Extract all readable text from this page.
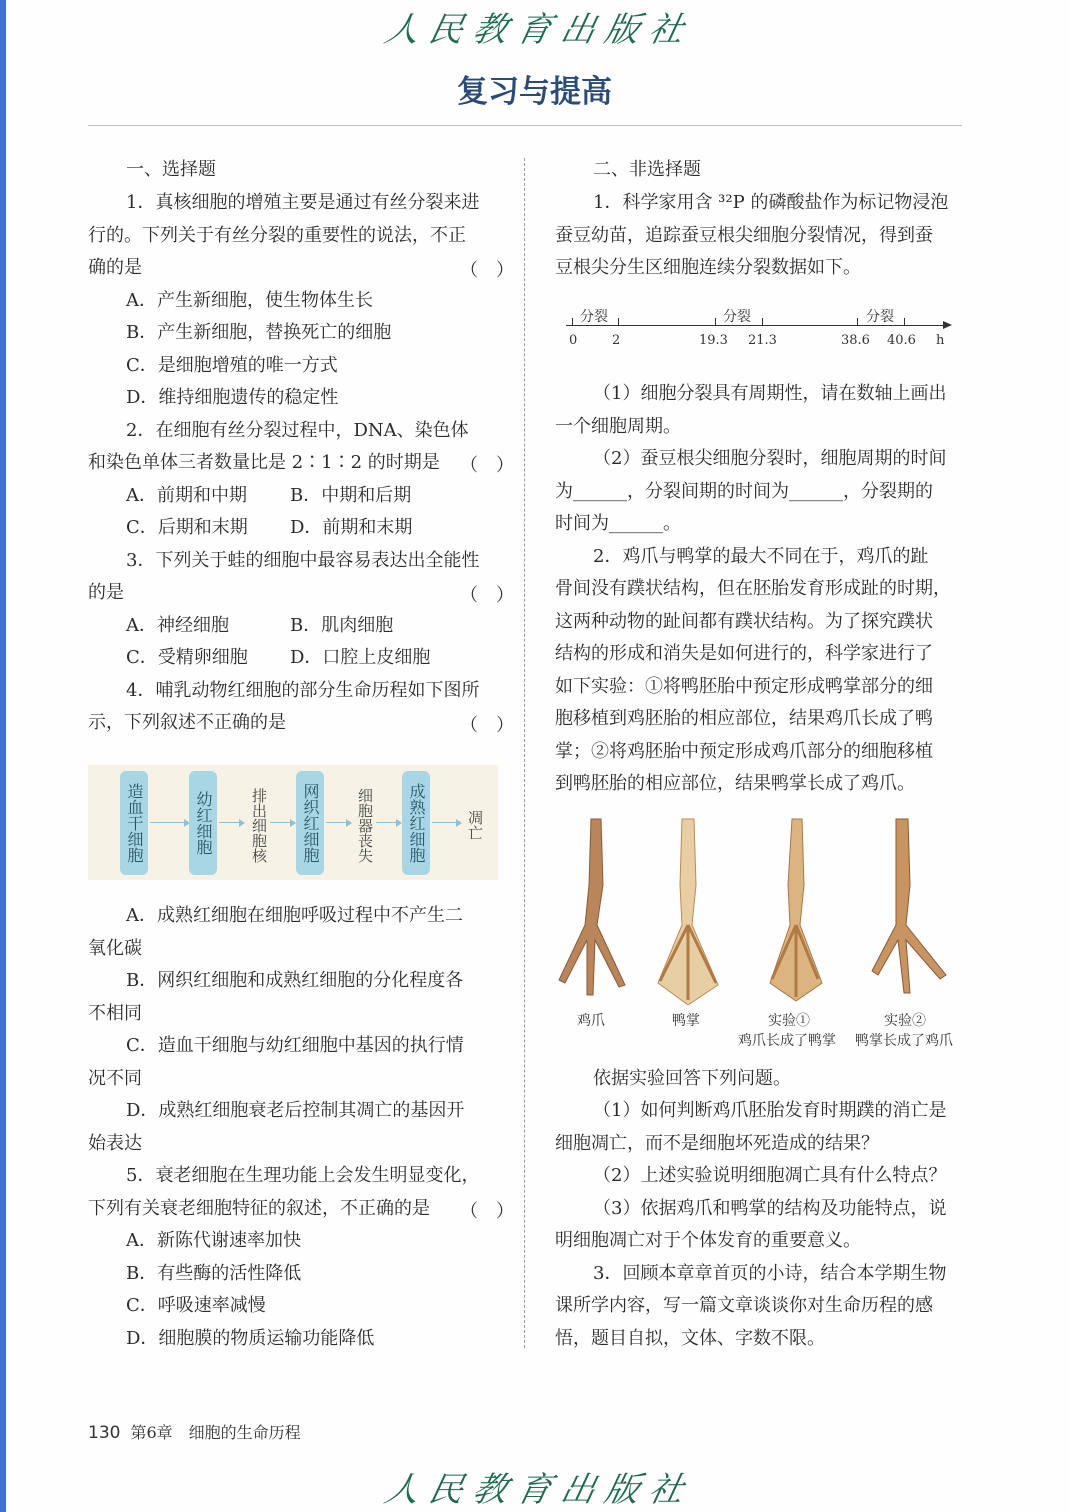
人民教育出版社
复习与提高
一、选择题
1．真核细胞的增殖主要是通过有丝分裂来进
行的。下列关于有丝分裂的重要性的说法，不正
确的是	（　）
A．产生新细胞，使生物体生长
B．产生新细胞，替换死亡的细胞
C．是细胞增殖的唯一方式
D．维持细胞遗传的稳定性
2．在细胞有丝分裂过程中，DNA、染色体
和染色单体三者数量比是 2∶1∶2 的时期是 （　）
A．前期和中期 B．中期和后期
C．后期和末期 D．前期和末期
3．下列关于蛙的细胞中最容易表达出全能性
的是	（　）
A．神经细胞	B．肌肉细胞
C．受精卵细胞 D．口腔上皮细胞
4．哺乳动物红细胞的部分生命历程如下图所
示，下列叙述不正确的是	（　）
造血干细胞	幼红细胞 排出细胞核	网织红细胞 细胞器丧失	成熟红细胞	凋亡
A．成熟红细胞在细胞呼吸过程中不产生二
氧化碳
B．网织红细胞和成熟红细胞的分化程度各
不相同
C．造血干细胞与幼红细胞中基因的执行情
况不同
D．成熟红细胞衰老后控制其凋亡的基因开
始表达
5．衰老细胞在生理功能上会发生明显变化，
下列有关衰老细胞特征的叙述，不正确的是 （　）
A．新陈代谢速率加快
B．有些酶的活性降低
C．呼吸速率减慢
D．细胞膜的物质运输功能降低
二、非选择题
1．科学家用含 ³²P 的磷酸盐作为标记物浸泡
蚕豆幼苗，追踪蚕豆根尖细胞分裂情况，得到蚕
豆根尖分生区细胞连续分裂数据如下。
分裂	分裂	分裂
0	2	19.3 21.3	38.6 40.6 h
（1）细胞分裂具有周期性，请在数轴上画出
一个细胞周期。
（2）蚕豆根尖细胞分裂时，细胞周期的时间
为______，分裂间期的时间为______，分裂期的
时间为______。
2．鸡爪与鸭掌的最大不同在于，鸡爪的趾
骨间没有蹼状结构，但在胚胎发育形成趾的时期，
这两种动物的趾间都有蹼状结构。为了探究蹼状
结构的形成和消失是如何进行的，科学家进行了
如下实验：①将鸭胚胎中预定形成鸭掌部分的细
胞移植到鸡胚胎的相应部位，结果鸡爪长成了鸭
掌；②将鸡胚胎中预定形成鸡爪部分的细胞移植
到鸭胚胎的相应部位，结果鸭掌长成了鸡爪。
鸡爪	鸭掌	实验①	实验②
鸡爪长成了鸭掌 鸭掌长成了鸡爪
依据实验回答下列问题。
（1）如何判断鸡爪胚胎发育时期蹼的消亡是
细胞凋亡，而不是细胞坏死造成的结果？
（2）上述实验说明细胞凋亡具有什么特点？
（3）依据鸡爪和鸭掌的结构及功能特点，说
明细胞凋亡对于个体发育的重要意义。
3．回顾本章章首页的小诗，结合本学期生物
课所学内容，写一篇文章谈谈你对生命历程的感
悟，题目自拟，文体、字数不限。
130 第6章　细胞的生命历程
人民教育出版社
